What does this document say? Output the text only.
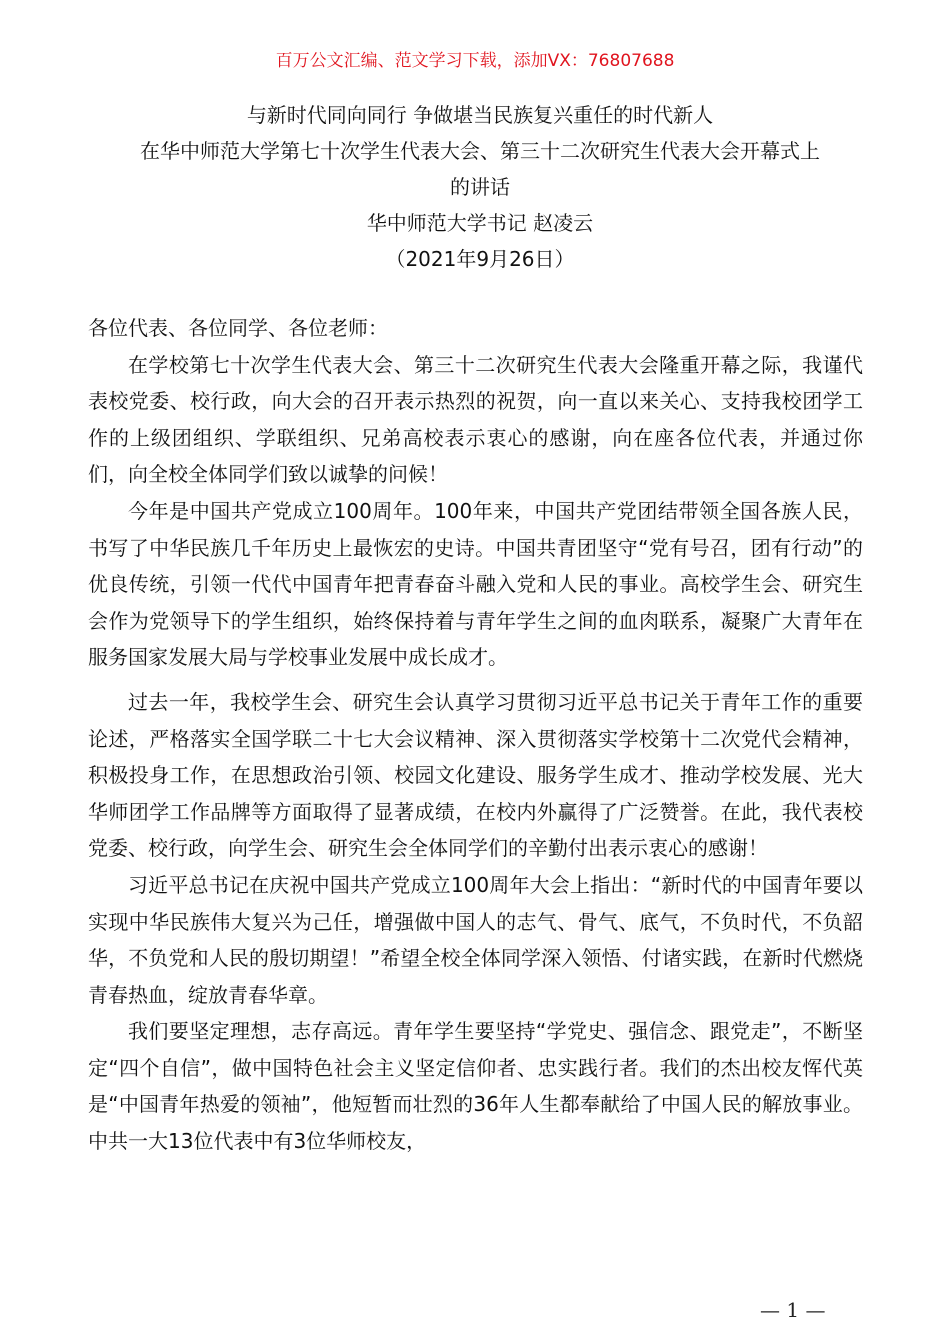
百万公文汇编、范文学习下载，添加VX：76807688
与新时代同向同行 争做堪当民族复兴重任的时代新人
在华中师范大学第七十次学生代表大会、第三十二次研究生代表大会开幕式上
的讲话
华中师范大学书记 赵凌云
（2021年9月26日）

各位代表、各位同学、各位老师：

在学校第七十次学生代表大会、第三十二次研究生代表大会隆重开幕之际，我谨代表校党委、校行政，向大会的召开表示热烈的祝贺，向一直以来关心、支持我校团学工作的上级团组织、学联组织、兄弟高校表示衷心的感谢，向在座各位代表，并通过你们，向全校全体同学们致以诚挚的问候！

今年是中国共产党成立100周年。100年来，中国共产党团结带领全国各族人民，书写了中华民族几千年历史上最恢宏的史诗。中国共青团坚守“党有号召，团有行动”的优良传统，引领一代代中国青年把青春奋斗融入党和人民的事业。高校学生会、研究生会作为党领导下的学生组织，始终保持着与青年学生之间的血肉联系，凝聚广大青年在服务国家发展大局与学校事业发展中成长成才。

过去一年，我校学生会、研究生会认真学习贯彻习近平总书记关于青年工作的重要论述，严格落实全国学联二十七大会议精神、深入贯彻落实学校第十二次党代会精神，积极投身工作，在思想政治引领、校园文化建设、服务学生成才、推动学校发展、光大华师团学工作品牌等方面取得了显著成绩，在校内外赢得了广泛赞誉。在此，我代表校党委、校行政，向学生会、研究生会全体同学们的辛勤付出表示衷心的感谢！

习近平总书记在庆祝中国共产党成立100周年大会上指出：“新时代的中国青年要以实现中华民族伟大复兴为己任，增强做中国人的志气、骨气、底气，不负时代，不负韶华，不负党和人民的殷切期望！”希望全校全体同学深入领悟、付诸实践，在新时代燃烧青春热血，绽放青春华章。

我们要坚定理想，志存高远。青年学生要坚持“学党史、强信念、跟党走”，不断坚定“四个自信”，做中国特色社会主义坚定信仰者、忠实践行者。我们的杰出校友恽代英是“中国青年热爱的领袖”，他短暂而壮烈的36年人生都奉献给了中国人民的解放事业。中共一大13位代表中有3位华师校友，

— 1 —
